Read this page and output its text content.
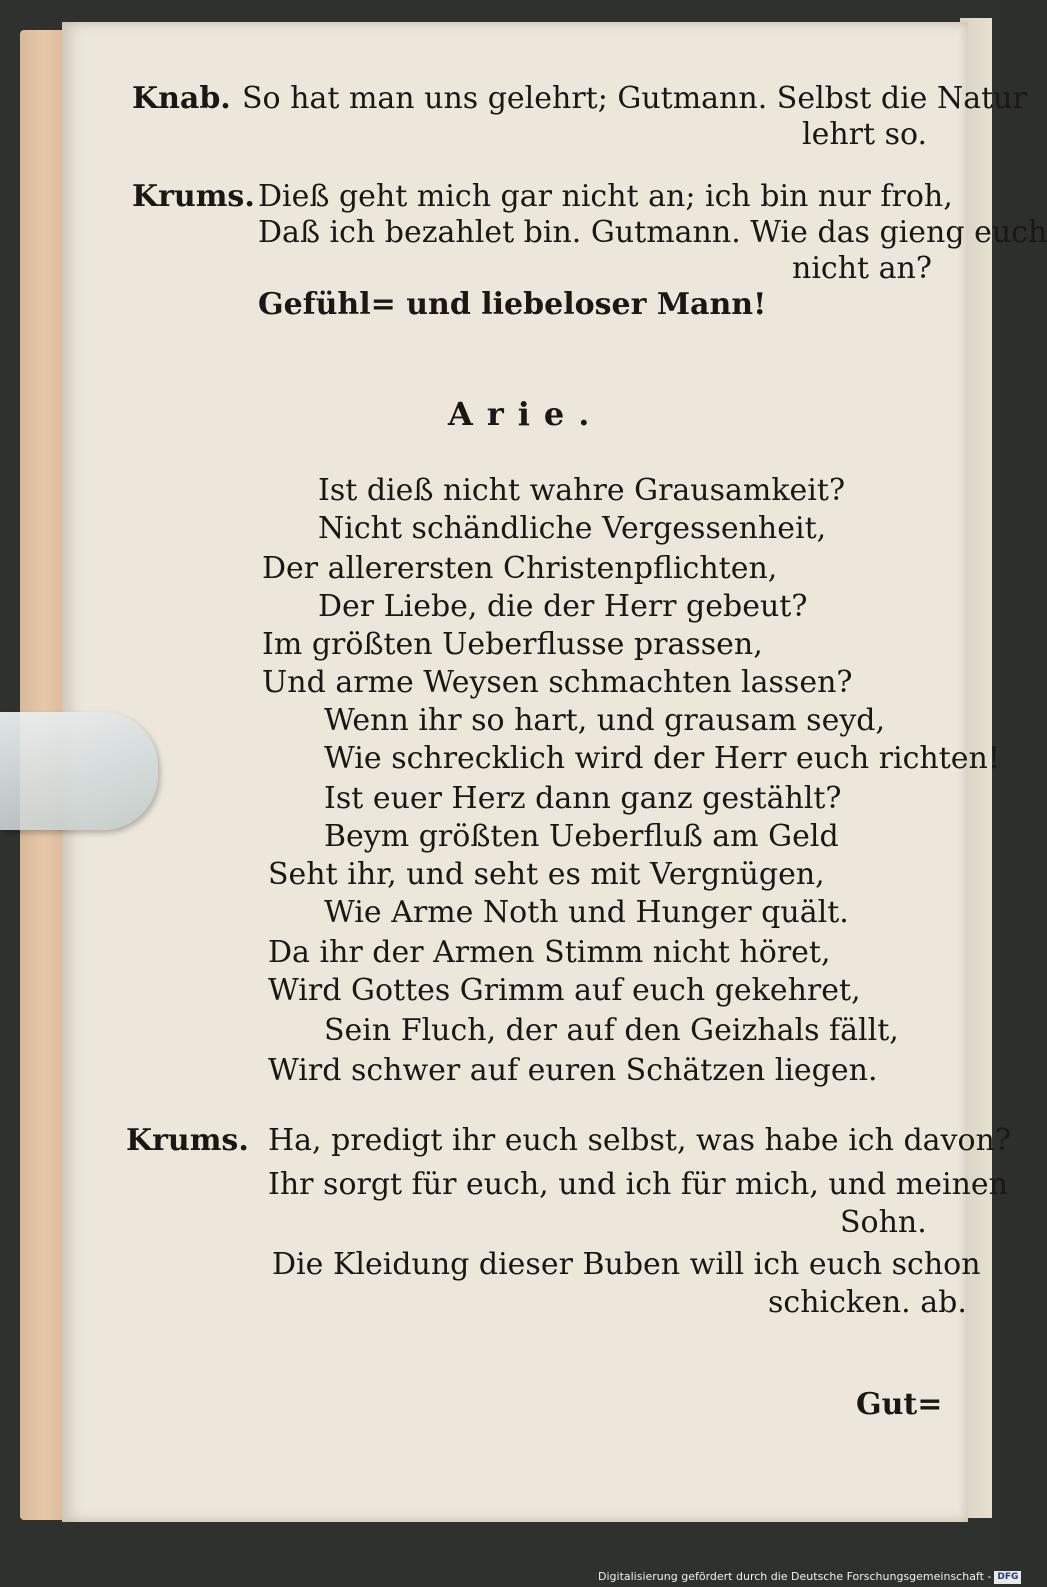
Knab. So hat man uns gelehrt; Gutmann. Selbst die Natur
lehrt so.
Krums. Dieß geht mich gar nicht an; ich bin nur froh,
Daß ich bezahlet bin. Gutmann. Wie das gieng euch
nicht an?
Gefühl= und liebeloser Mann!
Arie.
Ist dieß nicht wahre Grausamkeit?
Nicht schändliche Vergessenheit,
Der allerersten Christenpflichten,
Der Liebe, die der Herr gebeut?
Im größten Ueberflusse prassen,
Und arme Weysen schmachten lassen?
Wenn ihr so hart, und grausam seyd,
Wie schrecklich wird der Herr euch richten!
Ist euer Herz dann ganz gestählt?
Beym größten Ueberfluß am Geld
Seht ihr, und seht es mit Vergnügen,
Wie Arme Noth und Hunger quält.
Da ihr der Armen Stimm nicht höret,
Wird Gottes Grimm auf euch gekehret,
Sein Fluch, der auf den Geizhals fällt,
Wird schwer auf euren Schätzen liegen.
Krums. Ha, predigt ihr euch selbst, was habe ich davon?
Ihr sorgt für euch, und ich für mich, und meinen
Sohn.
Die Kleidung dieser Buben will ich euch schon
schicken. ab.
Gut=
Digitalisierung gefördert durch die Deutsche Forschungsgemeinschaft - DFG
